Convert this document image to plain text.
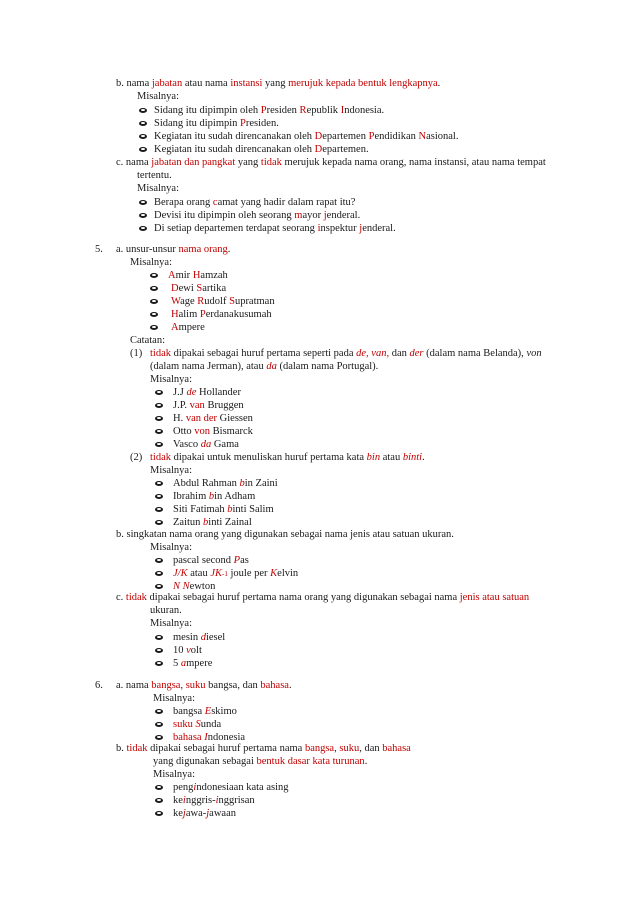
b. nama jabatan atau nama instansi yang merujuk kepada bentuk lengkapnya.
Misalnya:
Sidang itu dipimpin oleh Presiden Republik Indonesia.
Sidang itu dipimpin Presiden.
Kegiatan itu sudah direncanakan oleh Departemen Pendidikan Nasional.
Kegiatan itu sudah direncanakan oleh Departemen.
c. nama jabatan dan pangkat yang tidak merujuk kepada nama orang, nama instansi, atau nama tempat
tertentu.
Misalnya:
Berapa orang camat yang hadir dalam rapat itu?
Devisi itu dipimpin oleh seorang mayor jenderal.
Di setiap departemen terdapat seorang inspektur jenderal.
5. a. unsur-unsur nama orang.
Misalnya:
Amir Hamzah
Dewi Sartika
Wage Rudolf Supratman
Halim Perdanakusumah
Ampere
Catatan:
(1) tidak dipakai sebagai huruf pertama seperti pada de, van, dan der (dalam nama Belanda), von
(dalam nama Jerman), atau da (dalam nama Portugal).
Misalnya:
J.J de Hollander
J.P. van Bruggen
H. van der Giessen
Otto von Bismarck
Vasco da Gama
(2) tidak dipakai untuk menuliskan huruf pertama kata bin atau binti.
Misalnya:
Abdul Rahman bin Zaini
Ibrahim bin Adham
Siti Fatimah binti Salim
Zaitun binti Zainal
b. singkatan nama orang yang digunakan sebagai nama jenis atau satuan ukuran.
Misalnya:
pascal second Pas
J/K atau JK-1 joule per Kelvin
N Newton
c. tidak dipakai sebagai huruf pertama nama orang yang digunakan sebagai nama jenis atau satuan
ukuran.
Misalnya:
mesin diesel
10 volt
5 ampere
6. a. nama bangsa, suku bangsa, dan bahasa.
Misalnya:
bangsa Eskimo
suku Sunda
bahasa Indonesia
b. tidak dipakai sebagai huruf pertama nama bangsa, suku, dan bahasa
yang digunakan sebagai bentuk dasar kata turunan.
Misalnya:
pengindonesiaan kata asing
keinggris-inggrisan
kejawa-jawaan
